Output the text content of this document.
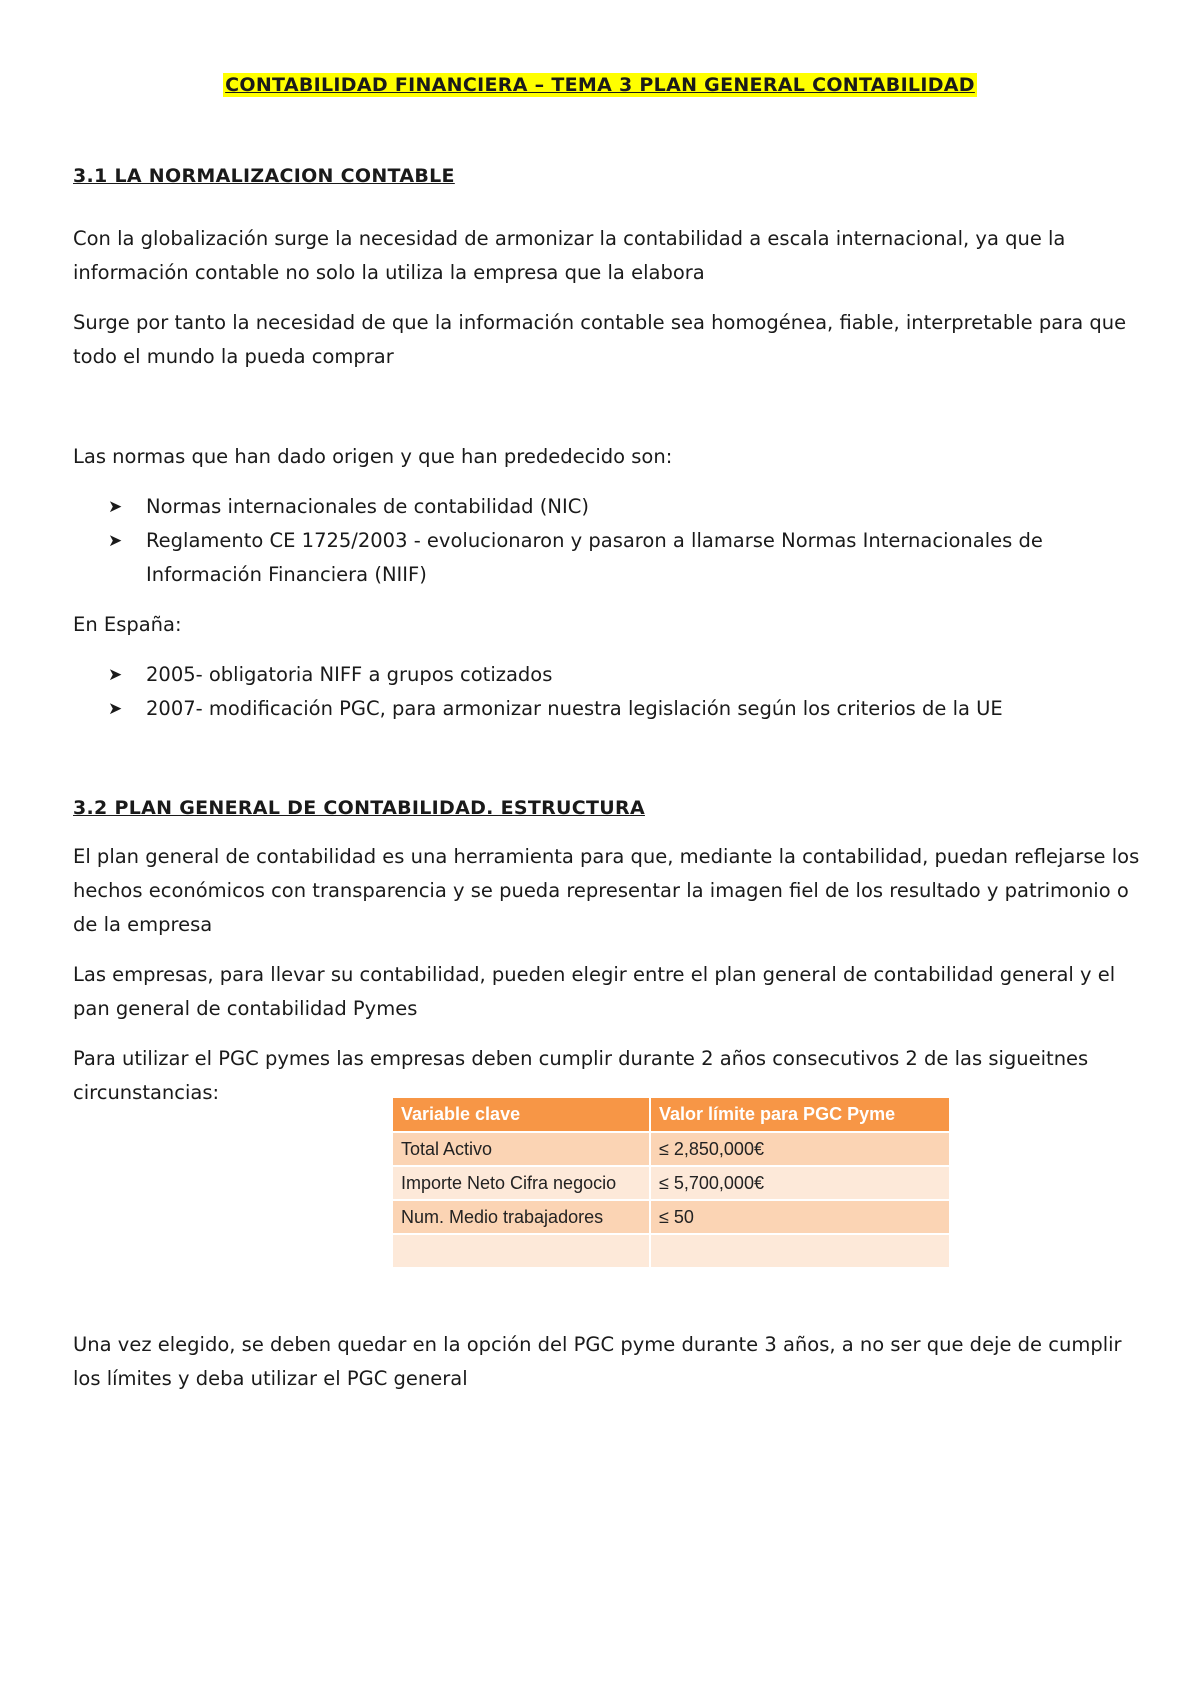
CONTABILIDAD FINANCIERA – TEMA 3 PLAN GENERAL CONTABILIDAD
3.1 LA NORMALIZACION CONTABLE

Con la globalización surge la necesidad de armonizar la contabilidad a escala internacional, ya que la información contable no solo la utiliza la empresa que la elabora

Surge por tanto la necesidad de que la información contable sea homogénea, fiable, interpretable para que todo el mundo la pueda comprar

Las normas que han dado origen y que han prededecido son:

➤ Normas internacionales de contabilidad (NIC)
➤ Reglamento CE 1725/2003 - evolucionaron y pasaron a llamarse Normas Internacionales de Información Financiera (NIIF)

En España:

➤ 2005- obligatoria NIFF a grupos cotizados
➤ 2007- modificación PGC, para armonizar nuestra legislación según los criterios de la UE
3.2 PLAN GENERAL DE CONTABILIDAD. ESTRUCTURA

El plan general de contabilidad es una herramienta para que, mediante la contabilidad, puedan reflejarse los hechos económicos con transparencia y se pueda representar la imagen fiel de los resultado y patrimonio o de la empresa

Las empresas, para llevar su contabilidad, pueden elegir entre el plan general de contabilidad general y el pan general de contabilidad Pymes

Para utilizar el PGC pymes las empresas deben cumplir durante 2 años consecutivos 2 de las sigueitnes circunstancias:

Variable clave	Valor límite para PGC Pyme
Total Activo	≤ 2,850,000€
Importe Neto Cifra negocio	≤ 5,700,000€
Num. Medio trabajadores	≤ 50

Una vez elegido, se deben quedar en la opción del PGC pyme durante 3 años, a no ser que deje de cumplir los límites y deba utilizar el PGC general
